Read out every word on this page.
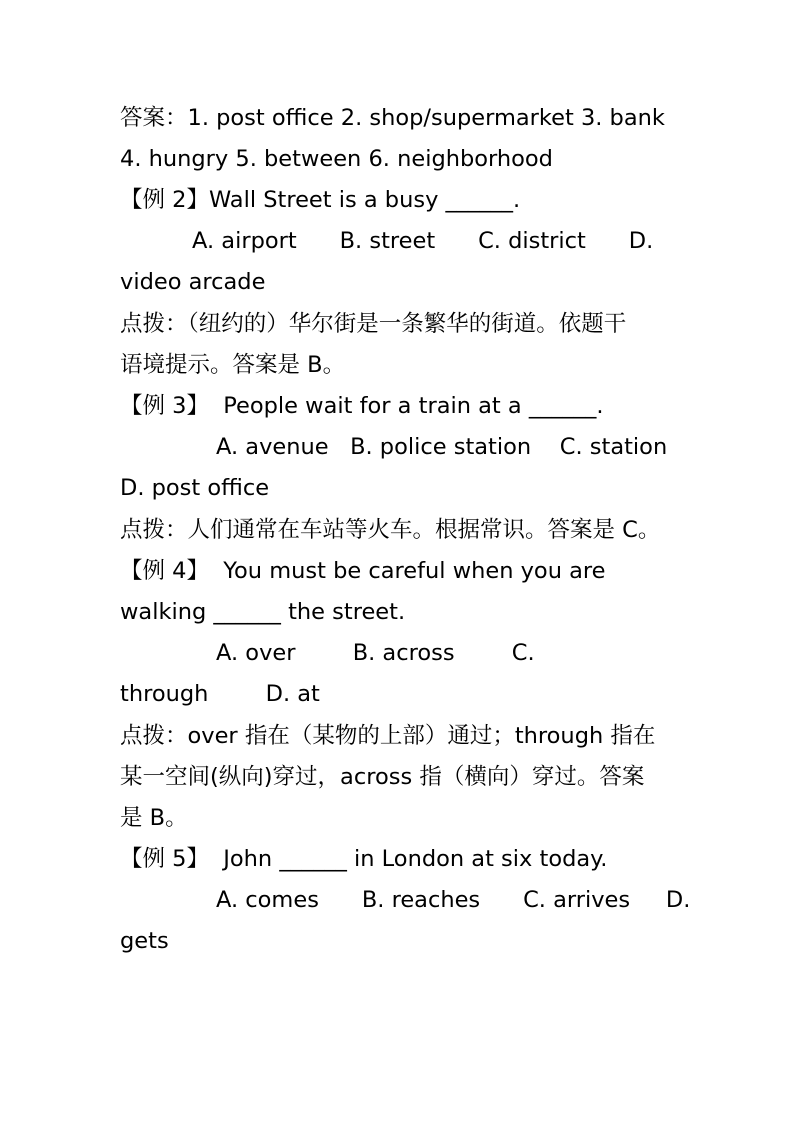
答案：1. post office 2. shop/supermarket 3. bank
4. hungry 5. between 6. neighborhood
【例 2】Wall Street is a busy ______.
A. airport      B. street      C. district      D.
video arcade
点拨：（纽约的）华尔街是一条繁华的街道。依题干
语境提示。答案是 B。
【例 3】  People wait for a train at a ______.
A. avenue   B. police station    C. station
D. post office
点拨：人们通常在车站等火车。根据常识。答案是 C。
【例 4】  You must be careful when you are
walking ______ the street.
A. over        B. across        C.
through        D. at
点拨：over 指在（某物的上部）通过；through 指在
某一空间(纵向)穿过，across 指（横向）穿过。答案
是 B。
【例 5】  John ______ in London at six today.
A. comes      B. reaches      C. arrives     D.
gets
